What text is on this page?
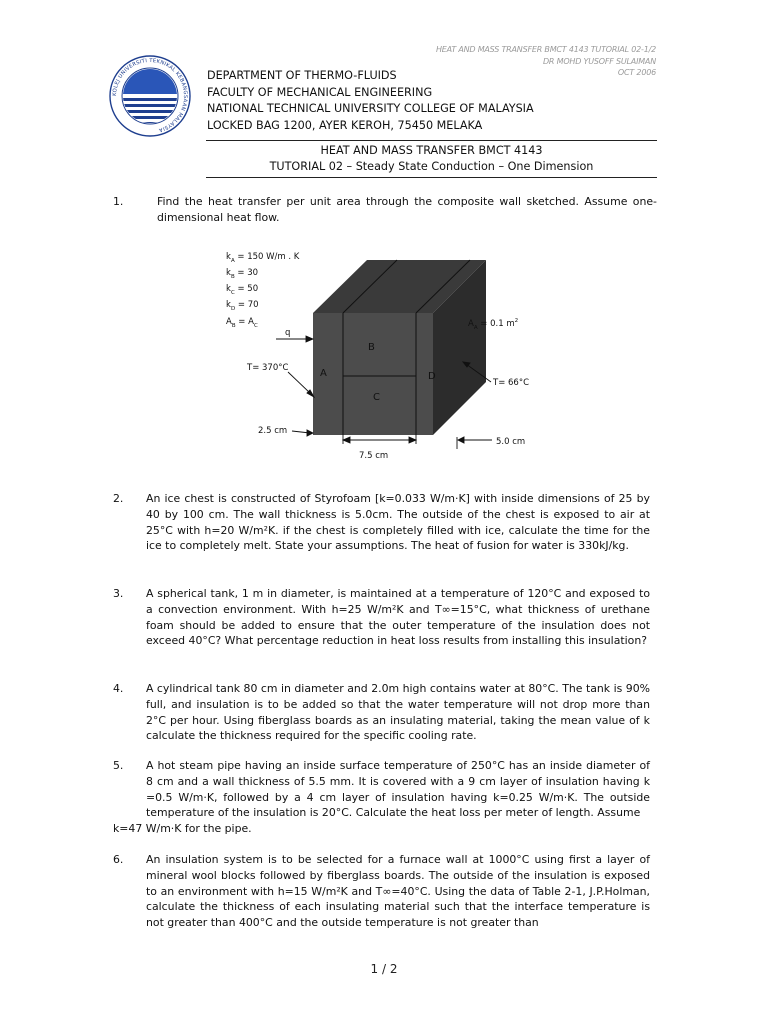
HEAT AND MASS TRANSFER BMCT 4143 TUTORIAL 02-1/2
DR MOHD YUSOFF SULAIMAN
OCT 2006
KOLEJ UNIVERSITI TEKNIKAL KEBANGSAAN MALAYSIA
DEPARTMENT OF THERMO-FLUIDS
FACULTY OF MECHANICAL ENGINEERING
NATIONAL TECHNICAL UNIVERSITY COLLEGE OF MALAYSIA
LOCKED BAG 1200, AYER KEROH, 75450 MELAKA
HEAT AND MASS TRANSFER BMCT 4143
TUTORIAL 02 – Steady State Conduction – One Dimension
1.	Find the heat transfer per unit area through the composite wall sketched. Assume one-dimensional heat flow.
$k_A = 150$ W/m . K
$k_B = 30$
$k_C = 50$
$k_D = 70$
$A_B = A_C$
A
B
C
D
q
T= 370°C
T= 66°C
$A_A = 0.1$ $m^2$
2.5 cm
7.5 cm
5.0 cm
2. An ice chest is constructed of Styrofoam [k=0.033 W/m·K] with inside dimensions of 25 by 40 by 100 cm. The wall thickness is 5.0cm. The outside of the chest is exposed to air at 25°C with h=20 W/m²K. if the chest is completely filled with ice, calculate the time for the ice to completely melt. State your assumptions. The heat of fusion for water is 330kJ/kg.
3. A spherical tank, 1 m in diameter, is maintained at a temperature of 120°C and exposed to a convection environment. With h=25 W/m²K and T∞=15°C, what thickness of urethane foam should be added to ensure that the outer temperature of the insulation does not exceed 40°C? What percentage reduction in heat loss results from installing this insulation?
4. A cylindrical tank 80 cm in diameter and 2.0m high contains water at 80°C. The tank is 90% full, and insulation is to be added so that the water temperature will not drop more than 2°C per hour. Using fiberglass boards as an insulating material, taking the mean value of k calculate the thickness required for the specific cooling rate.
5. A hot steam pipe having an inside surface temperature of 250°C has an inside diameter of 8 cm and a wall thickness of 5.5 mm. It is covered with a 9 cm layer of insulation having k =0.5 W/m·K, followed by a 4 cm layer of insulation having k=0.25 W/m·K. The outside temperature of the insulation is 20°C. Calculate the heat loss per meter of length. Assume
k=47 W/m·K for the pipe.
6. An insulation system is to be selected for a furnace wall at 1000°C using first a layer of mineral wool blocks followed by fiberglass boards. The outside of the insulation is exposed to an environment with h=15 W/m²K and T∞=40°C. Using the data of Table 2-1, J.P.Holman, calculate the thickness of each insulating material such that the interface temperature is not greater than 400°C and the outside temperature is not greater than
1 / 2
